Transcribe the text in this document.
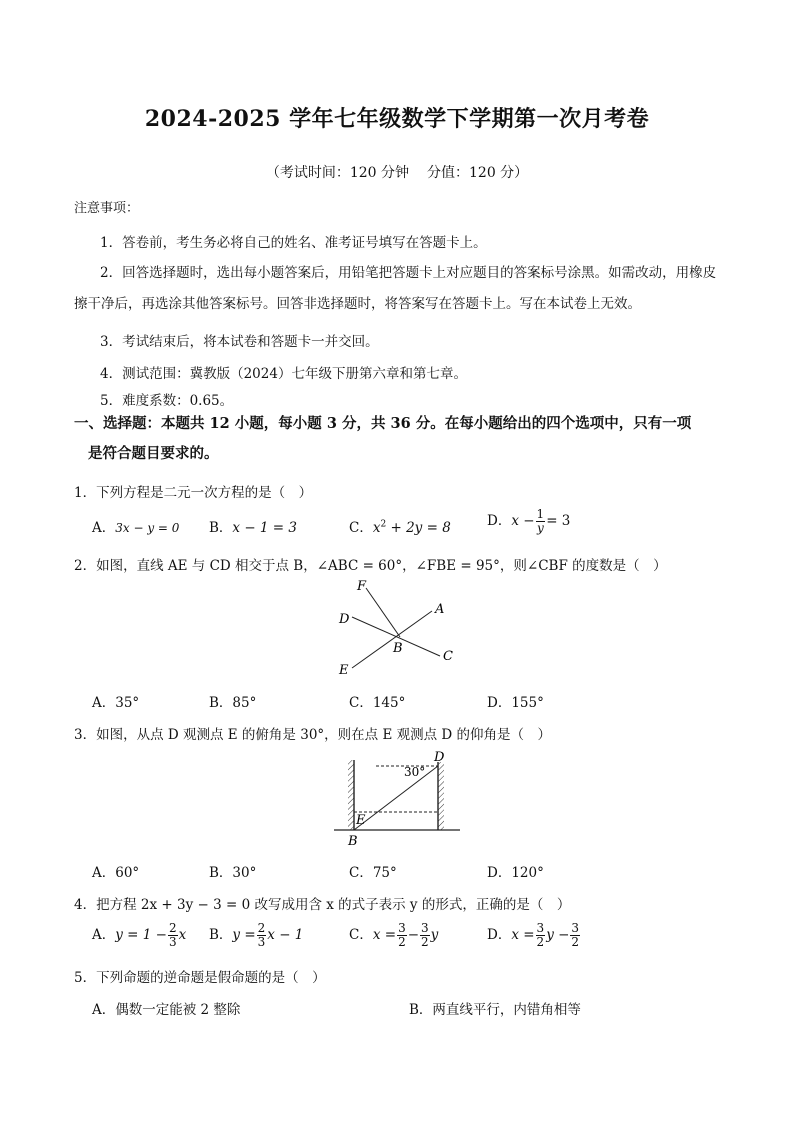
2024-2025 学年七年级数学下学期第一次月考卷
（考试时间：120 分钟 分值：120 分）
注意事项：
1．答卷前，考生务必将自己的姓名、准考证号填写在答题卡上。
2．回答选择题时，选出每小题答案后，用铅笔把答题卡上对应题目的答案标号涂黑。如需改动，用橡皮擦干净后，再选涂其他答案标号。回答非选择题时，将答案写在答题卡上。写在本试卷上无效。
3．考试结束后，将本试卷和答题卡一并交回。
4．测试范围：冀教版（2024）七年级下册第六章和第七章。
5．难度系数：0.65。
一、选择题：本题共 12 小题，每小题 3 分，共 36 分。在每小题给出的四个选项中，只有一项
是符合题目要求的。
1．下列方程是二元一次方程的是（　）
A．3x − y = 0 B．x − 1 = 3	C．$x^2 + 2y = 8$	D．$x - \frac{1}{y} = 3$
2．如图，直线 AE 与 CD 相交于点 B，∠ABC = 60°，∠FBE = 95°，则∠CBF 的度数是（　）
F
A
D
B
C
E
A．35°	B．85°	C．145°	D．155°
3．如图，从点 D 观测点 E 的俯角是 30°，则在点 E 观测点 D 的仰角是（　）
D
30°
E
B
A．60°	B．30°	C．75°	D．120°
4．把方程 2x + 3y − 3 = 0 改写成用含 x 的式子表示 y 的形式，正确的是（　）
A．$y = 1 - \frac{2}{3}$ x B．$y = \frac{2}{3}$ x − 1	C．$x = \frac{3}{2} - \frac{3}{2}$ y	D．$x = \frac{3}{2}$ $y - \frac{3}{2}$
5．下列命题的逆命题是假命题的是（　）
A．偶数一定能被 2 整除	B．两直线平行，内错角相等
